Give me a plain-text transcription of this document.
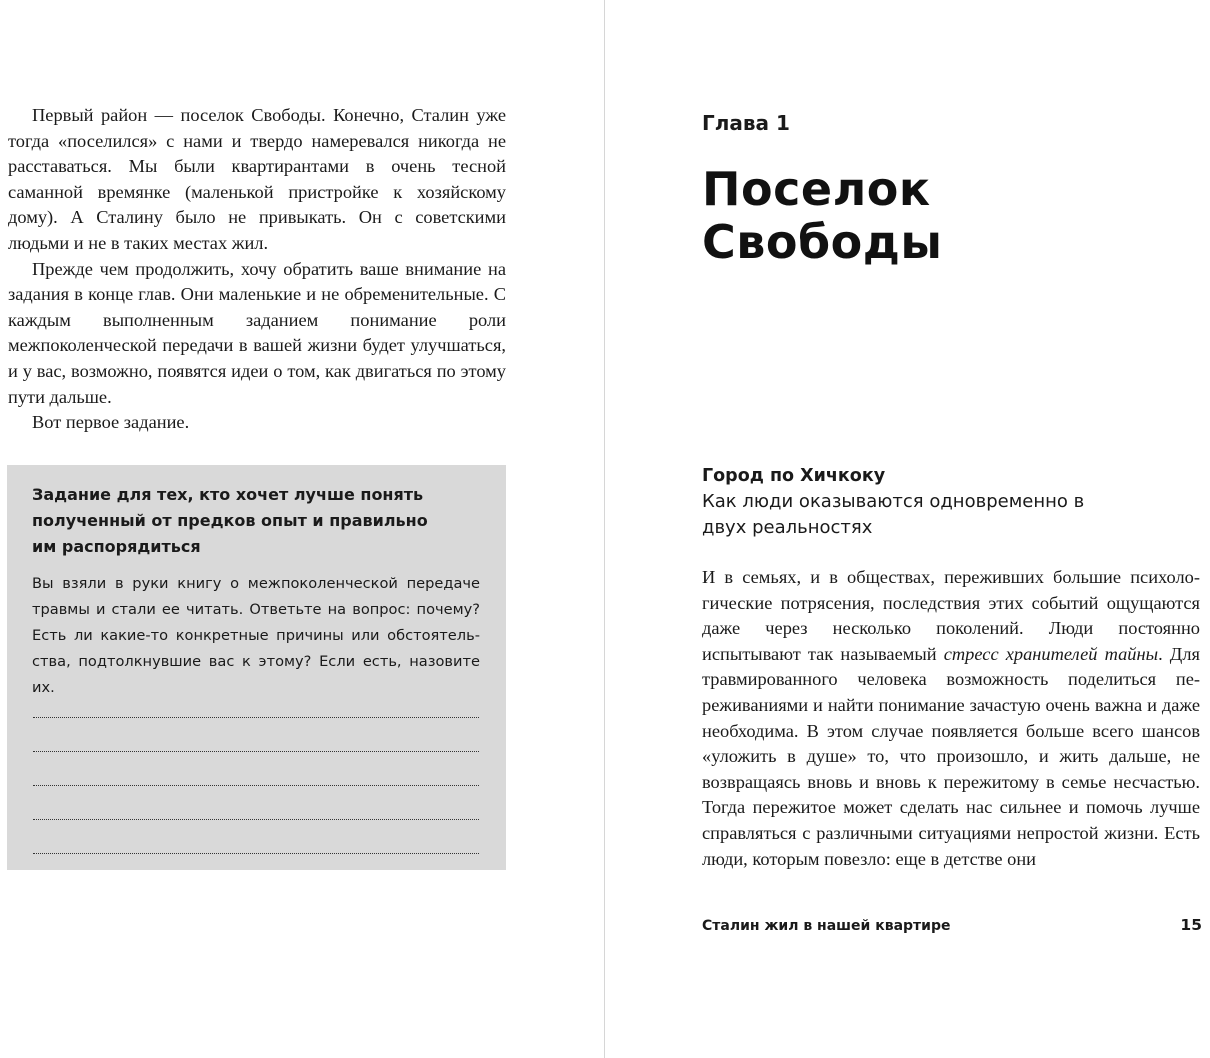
Первый район — поселок Свободы. Конечно, Сталин уже тогда «поселился» с нами и твердо намеревался никогда не расставаться. Мы были квартирантами в очень тесной саманной времянке (маленькой пристройке к хозяйскому дому). А Сталину было не привыкать. Он с советскими людьми и не в таких местах жил.

Прежде чем продолжить, хочу обратить ваше внимание на задания в конце глав. Они маленькие и не обременительные. С каждым выполненным заданием понимание роли межпоколенческой передачи в вашей жизни будет улучшаться, и у вас, возможно, появятся идеи о том, как двигаться по этому пути дальше.

Вот первое задание.

Задание для тех, кто хочет лучше понять полученный от предков опыт и правильно им распорядиться
Вы взяли в руки книгу о межпоколенческой передаче травмы и стали ее читать. Ответьте на вопрос: почему? Есть ли какие-то конкретные причины или обстоятельства, подтолкнувшие вас к этому? Если есть, назовите их.
Глава 1
Поселок Свободы
Город по Хичкоку
Как люди оказываются одновременно в двух реальностях

И в семьях, и в обществах, переживших большие психологические потрясения, последствия этих событий ощущаются даже через несколько поколений. Люди постоянно испытывают так называемый стресс хранителей тайны. Для травмированного человека возможность поделиться переживаниями и найти понимание зачастую очень важна и даже необходима. В этом случае появляется больше всего шансов «уложить в душе» то, что произошло, и жить дальше, не возвращаясь вновь и вновь к пережитому в семье несчастью. Тогда пережитое может сделать нас сильнее и помочь лучше справляться с различными ситуациями непростой жизни. Есть люди, которым повезло: еще в детстве они

Сталин жил в нашей квартире	15
